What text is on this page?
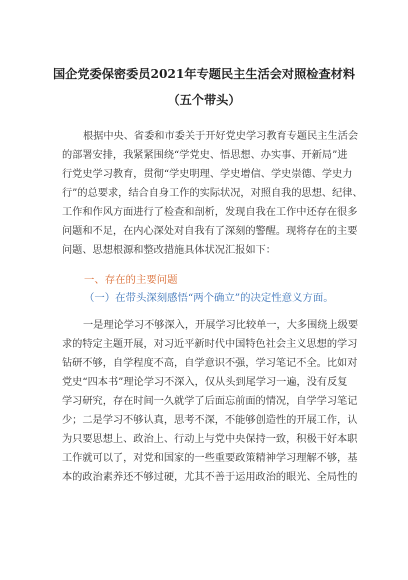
国企党委保密委员2021年专题民主生活会对照检查材料
（五个带头）
根据中央、省委和市委关于开好党史学习教育专题民主生活会
的部署安排，我紧紧围绕“学党史、悟思想、办实事、开新局”进
行党史学习教育，贯彻“学史明理、学史增信、学史崇德、学史力
行”的总要求，结合自身工作的实际状况，对照自我的思想、纪律、
工作和作风方面进行了检查和剖析，发现自我在工作中还存在很多
问题和不足，在内心深处对自我有了深刻的警醒。现将存在的主要
问题、思想根源和整改措施具体状况汇报如下：
一、存在的主要问题
（一）在带头深刻感悟“两个确立”的决定性意义方面。
一是理论学习不够深入，开展学习比较单一，大多围绕上级要
求的特定主题开展，对习近平新时代中国特色社会主义思想的学习
钻研不够，自学程度不高，自学意识不强，学习笔记不全。比如对
党史“四本书”理论学习不深入，仅从头到尾学习一遍，没有反复
学习研究，存在时间一久就学了后面忘前面的情况，自学学习笔记
少；二是学习不够认真，思考不深，不能够创造性的开展工作，认
为只要思想上、政治上、行动上与党中央保持一致，积极干好本职
工作就可以了，对党和国家的一些重要政策精神学习理解不够，基
本的政治素养还不够过硬，尤其不善于运用政治的眼光、全局性的
